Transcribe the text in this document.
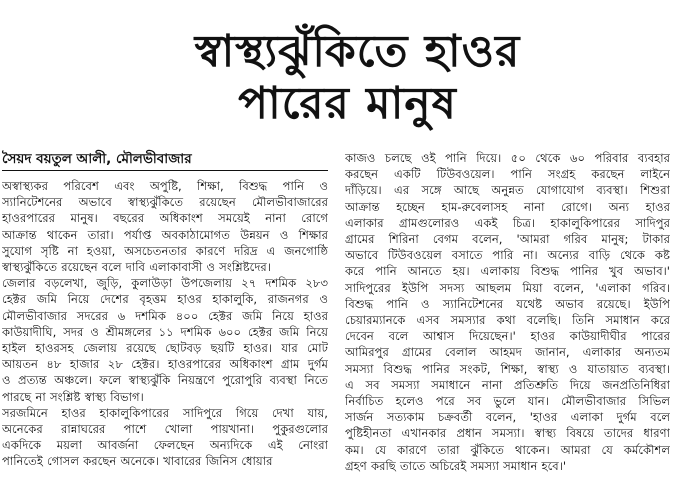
স্বাস্থ্যঝুঁকিতে হাওর
পারের মানুষ
সৈয়দ বয়তুল আলী, মৌলভীবাজার
অস্বাস্থ্যকর পরিবেশ এবং অপুষ্টি, শিক্ষা, বিশুদ্ধ পানি ও
স্যানিটেশনের অভাবে স্বাস্থ্যঝুঁকিতে রয়েছেন মৌলভীবাজারের
হাওরপারের মানুষ। বছরের অধিকাংশ সময়েই নানা রোগে
আক্রান্ত থাকেন তারা। পর্যাপ্ত অবকাঠামোগত উন্নয়ন ও শিক্ষার
সুযোগ সৃষ্টি না হওয়া, অসচেতনতার কারণে দরিদ্র এ জনগোষ্ঠি
স্বাস্থ্যঝুঁকিতে রয়েছেন বলে দাবি এলাকাবাসী ও সংশ্লিষ্টদের।
জেলার বড়লেখা, জুড়ি, কুলাউড়া উপজেলায় ২৭ দশমিক ২৮৩
হেক্টর জমি নিয়ে দেশের বৃহত্তম হাওর হাকালুকি, রাজনগর ও
মৌলভীবাজার সদরের ৬ দশমিক ৪০০ হেক্টর জমি নিয়ে হাওর
কাউয়াদীঘি, সদর ও শ্রীমঙ্গলের ১১ দশমিক ৬০০ হেক্টর জমি নিয়ে
হাইল হাওরসহ জেলায় রয়েছে ছোটবড় ছয়টি হাওর। যার মোট
আয়তন ৪৮ হাজার ২৮ হেক্টর। হাওরপারের অধিকাংশ গ্রাম দুর্গম
ও প্রত্যন্ত অঞ্চলে। ফলে স্বাস্থ্যঝুঁকি নিয়ন্ত্রণে পুরোপুরি ব্যবস্থা নিতে
পারছে না সংশ্লিষ্ট স্বাস্থ্য বিভাগ।
সরজমিনে হাওর হাকালুকিপারের সাদিপুরে গিয়ে দেখা যায়,
অনেকের রান্নাঘরের পাশে খোলা পায়খানা। পুকুরগুলোর
একদিকে ময়লা আবর্জনা ফেলছেন অন্যদিকে এই নোংরা
পানিতেই গোসল করছেন অনেকে। খাবারের জিনিস ধোয়ার
কাজও চলছে ওই পানি দিয়ে। ৫০ থেকে ৬০ পরিবার ব্যবহার
করছেন একটি টিউবওয়েল। পানি সংগ্রহ করছেন লাইনে
দাঁড়িয়ে। এর সঙ্গে আছে অনুন্নত যোগাযোগ ব্যবস্থা। শিশুরা
আক্রান্ত হচ্ছেন হাম-রুবেলাসহ নানা রোগে। অন্য হাওর
এলাকার গ্রামগুলোরও একই চিত্র। হাকালুকিপারের সাদিপুর
গ্রামের শিরিনা বেগম বলেন, 'আমরা গরিব মানুষ; টাকার
অভাবে টিউবওয়েল বসাতে পারি না। অন্যের বাড়ি থেকে কষ্ট
করে পানি আনতে হয়। এলাকায় বিশুদ্ধ পানির খুব অভাব।'
সাদিপুরের ইউপি সদস্য আছলম মিয়া বলেন, 'এলাকা গরিব।
বিশুদ্ধ পানি ও স্যানিটেশনের যথেষ্ট অভাব রয়েছে। ইউপি
চেয়ারম্যানকে এসব সমস্যার কথা বলেছি। তিনি সমাধান করে
দেবেন বলে আশ্বাস দিয়েছেন।' হাওর কাউয়াদীঘীর পারের
আমিরপুর গ্রামের বেলাল আহমদ জানান, এলাকার অন্যতম
সমস্যা বিশুদ্ধ পানির সংকট, শিক্ষা, স্বাস্থ্য ও যাতায়াত ব্যবস্থা।
এ সব সমস্যা সমাধানে নানা প্রতিশ্রুতি দিয়ে জনপ্রতিনিধিরা
নির্বাচিত হলেও পরে সব ভুলে যান। মৌলভীবাজার সিভিল
সার্জন সত্যকাম চক্রবর্তী বলেন, 'হাওর এলাকা দুর্গম বলে
পুষ্টিহীনতা এখানকার প্রধান সমস্যা। স্বাস্থ্য বিষয়ে তাদের ধারণা
কম। যে কারণে তারা ঝুঁকিতে থাকেন। আমরা যে কর্মকৌশল
গ্রহণ করছি তাতে অচিরেই সমস্যা সমাধান হবে।'
